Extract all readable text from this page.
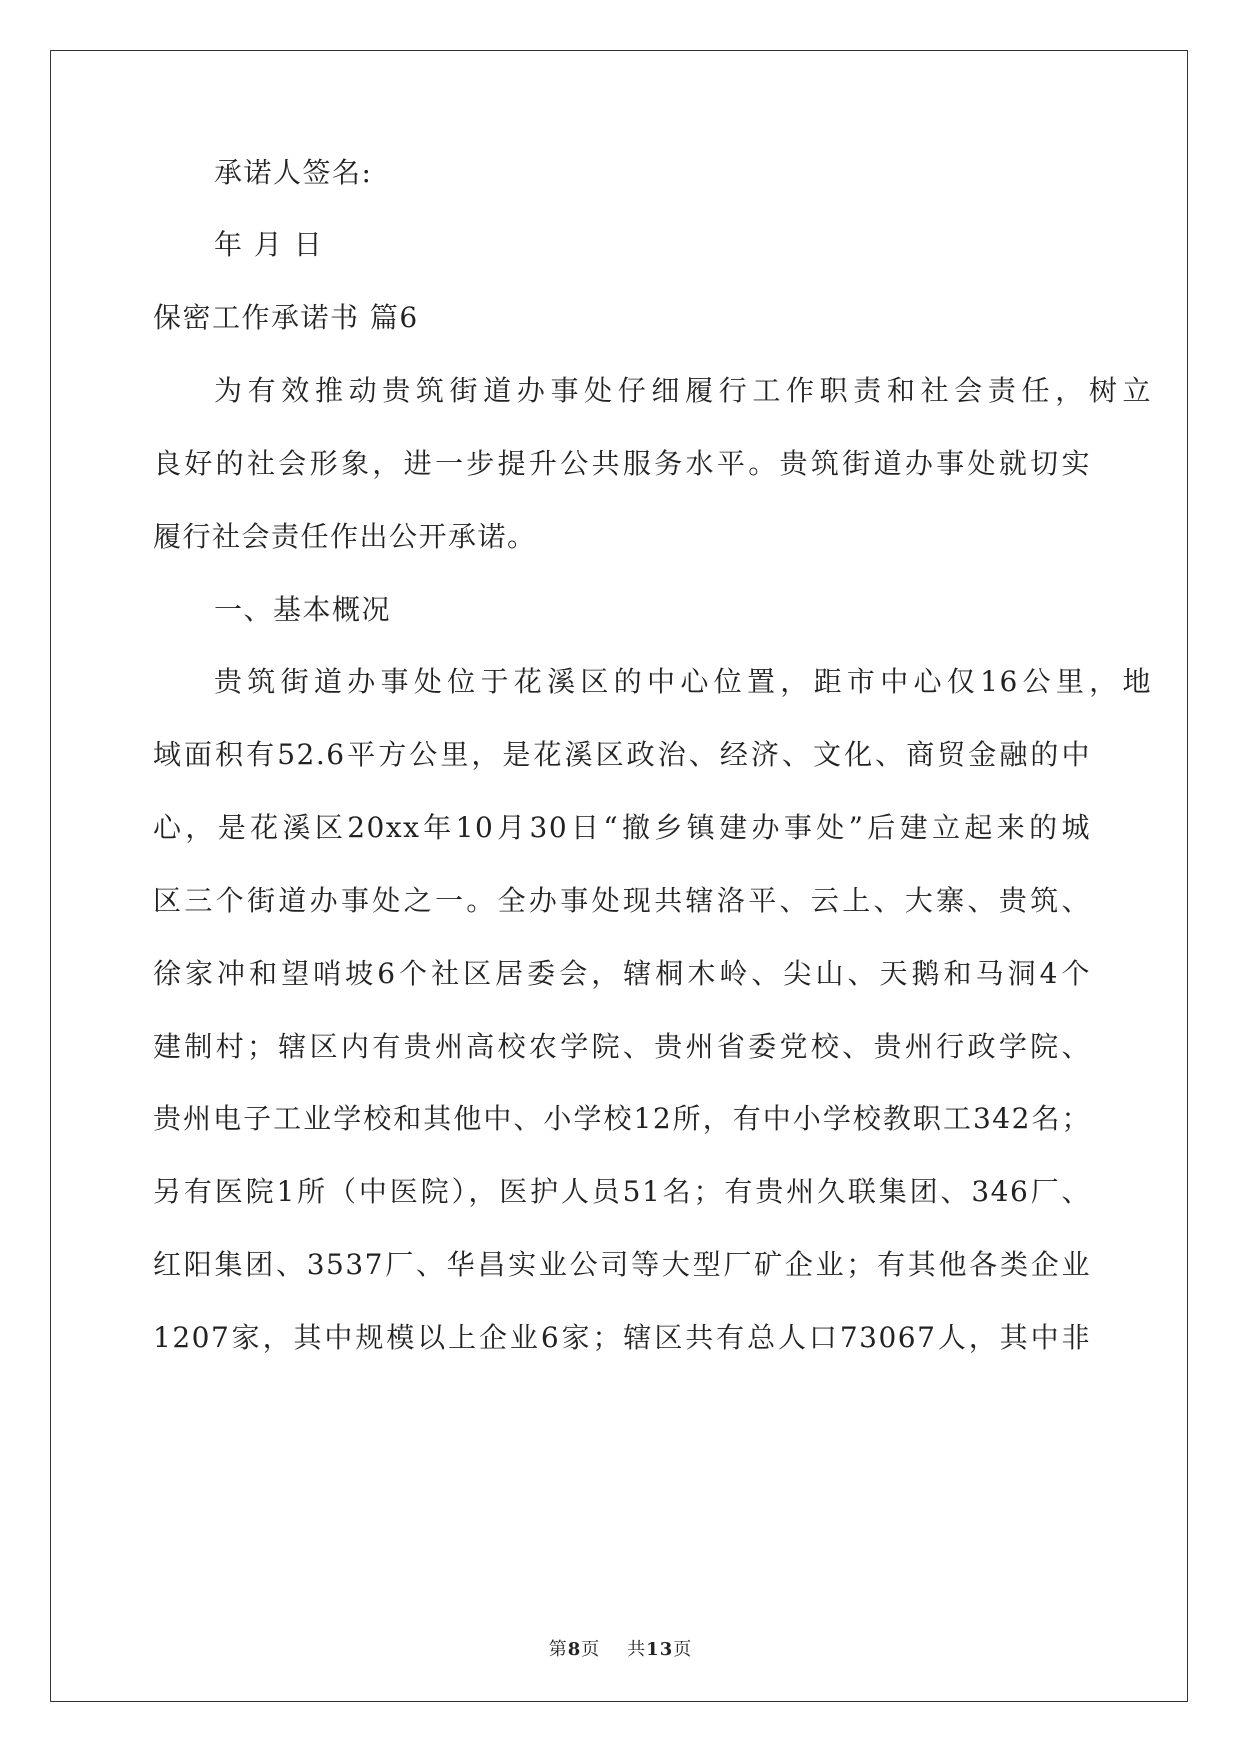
承诺人签名:
年 月 日
保密工作承诺书 篇6
为有效推动贵筑街道办事处仔细履行工作职责和社会责任，树立
良好的社会形象，进一步提升公共服务水平。贵筑街道办事处就切实
履行社会责任作出公开承诺。
一、基本概况
贵筑街道办事处位于花溪区的中心位置，距市中心仅16公里，地
域面积有52.6平方公里，是花溪区政治、经济、文化、商贸金融的中
心，是花溪区20xx年10月30日“撤乡镇建办事处”后建立起来的城
区三个街道办事处之一。全办事处现共辖洛平、云上、大寨、贵筑、
徐家冲和望哨坡6个社区居委会，辖桐木岭、尖山、天鹅和马洞4个
建制村；辖区内有贵州高校农学院、贵州省委党校、贵州行政学院、
贵州电子工业学校和其他中、小学校12所，有中小学校教职工342名；
另有医院1所（中医院），医护人员51名；有贵州久联集团、346厂、
红阳集团、3537厂、华昌实业公司等大型厂矿企业；有其他各类企业
1207家，其中规模以上企业6家；辖区共有总人口73067人，其中非
第8页 共13页
